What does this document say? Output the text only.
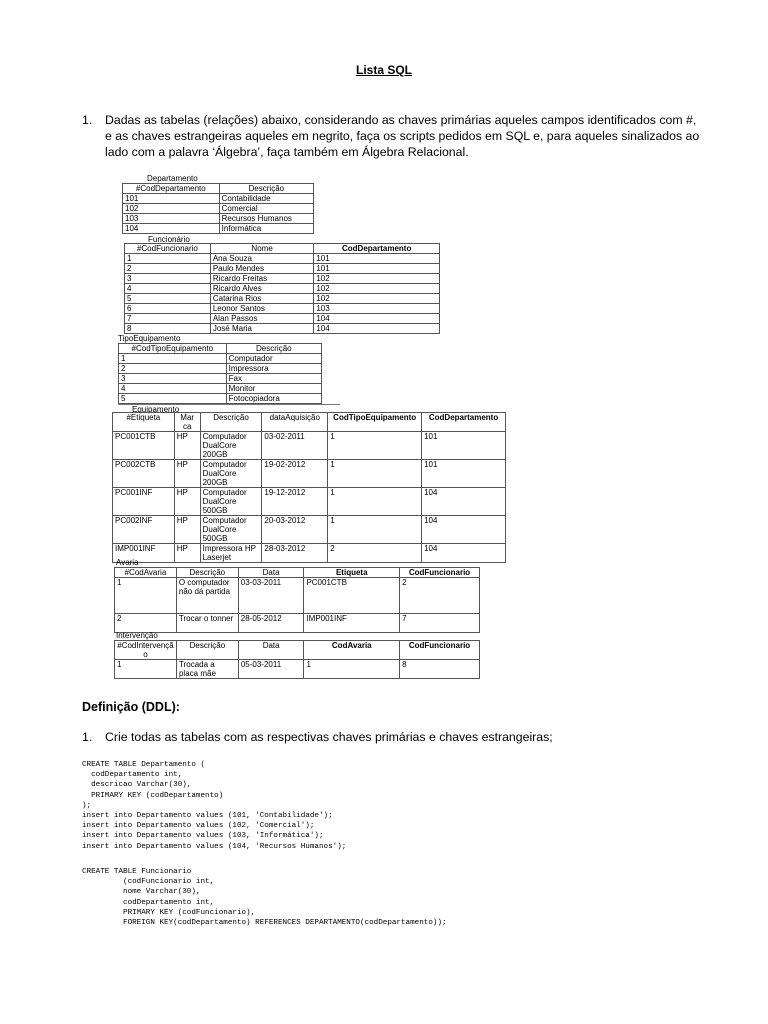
Lista SQL
1. Dadas as tabelas (relações) abaixo, considerando as chaves primárias aqueles campos identificados com #, e as chaves estrangeiras aqueles em negrito, faça os scripts pedidos em SQL e, para aqueles sinalizados ao lado com a palavra ‘Álgebra’, faça também em Álgebra Relacional.
Departamento
#CodDepartamento	Descrição
101	Contabilidade
102	Comercial
103	Recursos Humanos
104	Informática
Funcionário
#CodFuncionario	Nome	CodDepartamento
1	Ana Souza	101
2	Paulo Mendes	101
3	Ricardo Freitas	102
4	Ricardo Alves	102
5	Catarina Rios	102
6	Leonor Santos	103
7	Alan Passos	104
8	José Maria	104
TipoEquipamento
#CodTipoEquipamento	Descrição
1	Computador
2	Impressora
3	Fax
4	Monitor
5	Fotocopiadora
Equipamento
#Etiqueta	Mar ca	Descrição	dataAquisição	CodTipoEquipamento	CodDepartamento
PC001CTB	HP	Computador DualCore 200GB	03-02-2011	1	101
PC002CTB	HP	Computador DualCore 200GB	19-02-2012	1	101
PC001INF	HP	Computador DualCore 500GB	19-12-2012	1	104
PC002INF	HP	Computador DualCore 500GB	20-03-2012	1	104
IMP001INF	HP	Impressora HP Laserjet	28-03-2012	2	104
Avaria
#CodAvaria	Descrição	Data	Etiqueta	CodFuncionario
1	O computador não dá partida	03-03-2011	PC001CTB	2
2	Trocar o tonner	28-05-2012	IMP001INF	7
Intervenção
#CodIntervençã o	Descrição	Data	CodAvaria	CodFuncionario
1	Trocada a placa mãe	05-03-2011	1	8
Definição (DDL):
1. Crie todas as tabelas com as respectivas chaves primárias e chaves estrangeiras;
CREATE TABLE Departamento (
codDepartamento int,
descricao Varchar(30),
PRIMARY KEY (codDepartamento)
);
insert into Departamento values (101, 'Contabilidade');
insert into Departamento values (102, 'Comercial');
insert into Departamento values (103, 'Informática');
insert into Departamento values (104, 'Recursos Humanos');
CREATE TABLE Funcionario
(codFuncionario int,
nome Varchar(30),
codDepartamento int,
PRIMARY KEY (codFuncionario),
FOREIGN KEY(codDepartamento) REFERENCES DEPARTAMENTO(codDepartamento));
